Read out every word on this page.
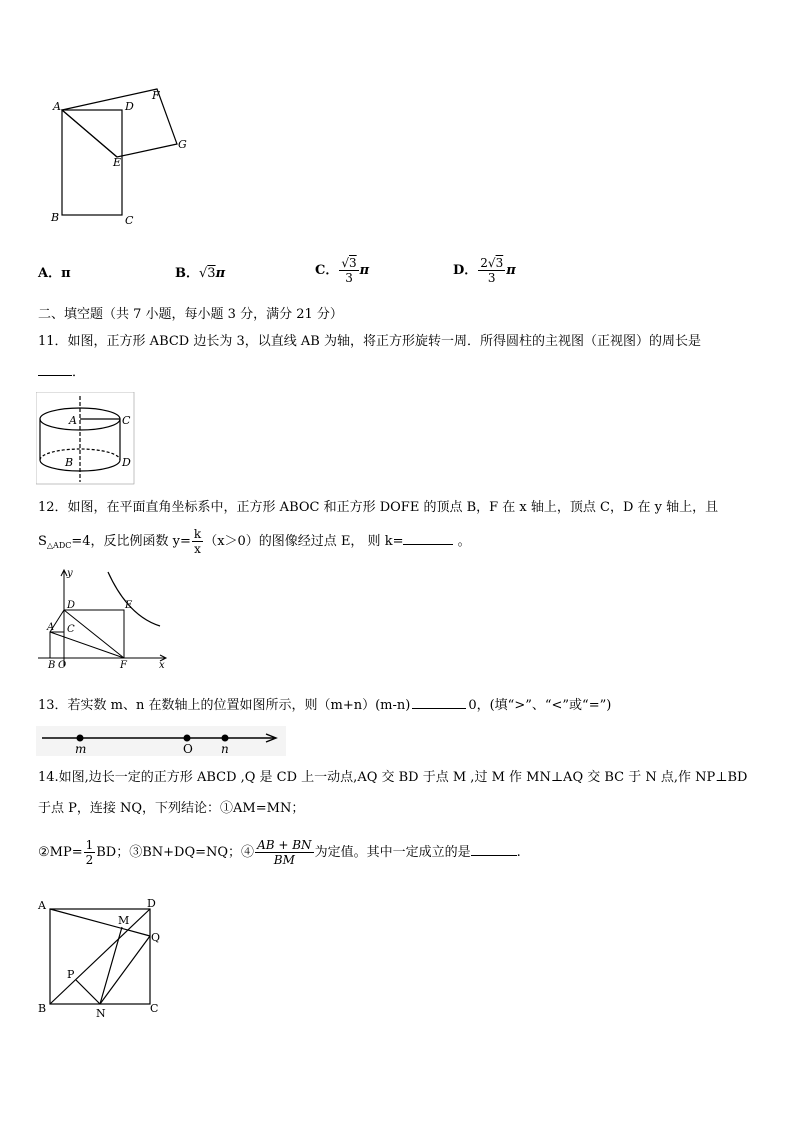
A	D
F
G
E
B	C
A．π	B．√3π	C． $\frac{√3}{3}$ π	D． $\frac{2√3}{3}$ π
二、填空题（共 7 小题，每小题 3 分，满分 21 分）
11．如图，正方形 ABCD 边长为 3，以直线 AB 为轴，将正方形旋转一周．所得圆柱的主视图（正视图）的周长是
．
A	C
B	D
12．如图，在平面直角坐标系中，正方形 ABOC 和正方形 DOFE 的顶点 B，F 在 x 轴上，顶点 C，D 在 y 轴上，且
$S_{\triangle ADC}=4$，反比例函数 $y= \frac{k}{x} (x>0)$的图像经过点 E， 则 k=	。
y
x
D	E
A C
B O	F
13．若实数 m、n 在数轴上的位置如图所示，则（m+n）(m-n)	0，(填“>”、“<”或“=”)
m	O n
14.如图,边长一定的正方形 ABCD ,Q 是 CD 上一动点,AQ 交 BD 于点 M ,过 M 作 MN⊥AQ 交 BC 于 N 点,作 NP⊥BD
于点 P，连接 NQ，下列结论：①AM=MN；
②MP= $\frac{1}{2}$ BD；③BN+DQ=NQ；④ $\frac{AB + BN}{BM}$ 为定值。其中一定成立的是	.
A	D
M
Q
P
B	N	C
